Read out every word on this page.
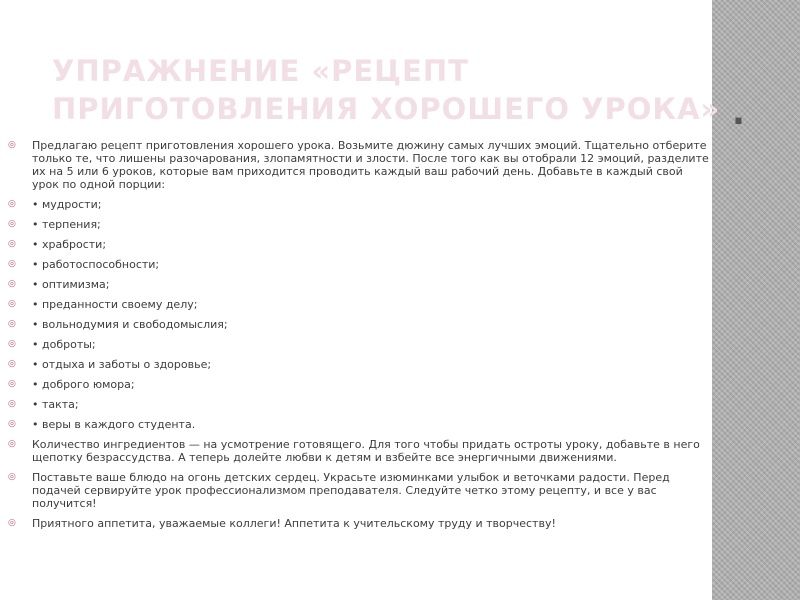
УПРАЖНЕНИЕ «РЕЦЕПТ
ПРИГОТОВЛЕНИЯ ХОРОШЕГО УРОКА» .
◎ Предлагаю рецепт приготовления хорошего урока. Возьмите дюжину самых лучших эмоций. Тщательно отберите только те, что лишены разочарования, злопамятности и злости. После того как вы отобрали 12 эмоций, разделите их на 5 или 6 уроков, которые вам приходится проводить каждый ваш рабочий день. Добавьте в каждый свой урок по одной порции:
◎ • мудрости;
◎ • терпения;
◎ • храбрости;
◎ • работоспособности;
◎ • оптимизма;
◎ • преданности своему делу;
◎ • вольнодумия и свободомыслия;
◎ • доброты;
◎ • отдыха и заботы о здоровье;
◎ • доброго юмора;
◎ • такта;
◎ • веры в каждого студента.
◎ Количество ингредиентов — на усмотрение готовящего. Для того чтобы придать остроты уроку, добавьте в него щепотку безрассудства. А теперь долейте любви к детям и взбейте все энергичными движениями.
◎ Поставьте ваше блюдо на огонь детских сердец. Украсьте изюминками улыбок и веточками радости. Перед подачей сервируйте урок профессионализмом преподавателя. Следуйте четко этому рецепту, и все у вас получится!
◎ Приятного аппетита, уважаемые коллеги! Аппетита к учительскому труду и творчеству!
